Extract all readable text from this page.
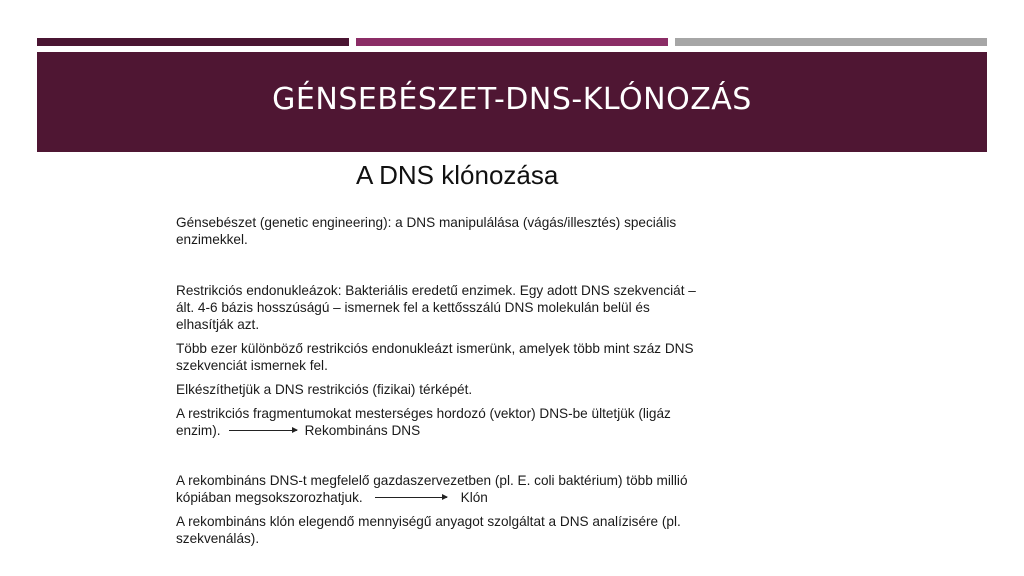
GÉNSEBÉSZET-DNS-KLÓNOZÁS
A DNS klónozása
Génsebészet (genetic engineering): a DNS manipulálása (vágás/illesztés) speciális
enzimekkel.
Restrikciós endonukleázok: Bakteriális eredetű enzimek. Egy adott DNS szekvenciát –
ált. 4-6 bázis hosszúságú – ismernek fel a kettősszálú DNS molekulán belül és
elhasítják azt.
Több ezer különböző restrikciós endonukleázt ismerünk, amelyek több mint száz DNS
szekvenciát ismernek fel.
Elkészíthetjük a DNS restrikciós (fizikai) térképét.
A restrikciós fragmentumokat mesterséges hordozó (vektor) DNS-be ültetjük (ligáz
enzim).	Rekombináns DNS
A rekombináns DNS-t megfelelő gazdaszervezetben (pl. E. coli baktérium) több millió
kópiában megsokszorozhatjuk.	Klón
A rekombináns klón elegendő mennyiségű anyagot szolgáltat a DNS analízisére (pl.
szekvenálás).
